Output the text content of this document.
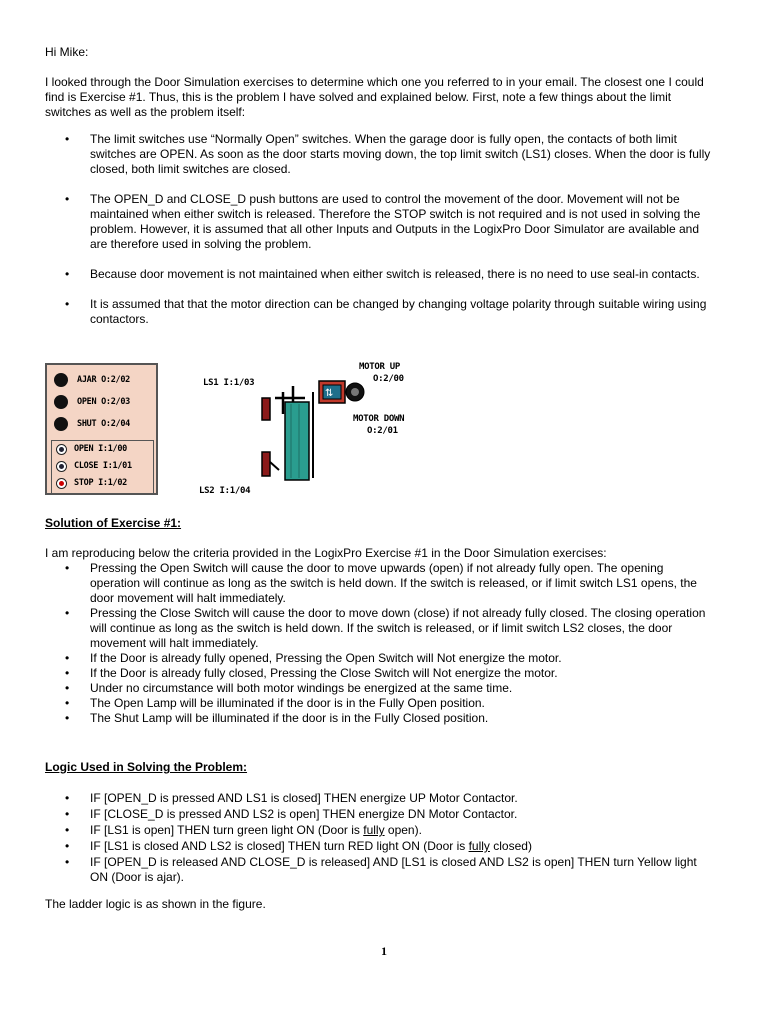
Hi Mike:

I looked through the Door Simulation exercises to determine which one you referred to in your email. The closest one I could find is Exercise #1. Thus, this is the problem I have solved and explained below. First, note a few things about the limit switches as well as the problem itself:

• The limit switches use “Normally Open” switches. When the garage door is fully open, the contacts of both limit switches are OPEN. As soon as the door starts moving down, the top limit switch (LS1) closes. When the door is fully closed, both limit switches are closed.
• The OPEN_D and CLOSE_D push buttons are used to control the movement of the door. Movement will not be maintained when either switch is released. Therefore the STOP switch is not required and is not used in solving the problem. However, it is assumed that all other Inputs and Outputs in the LogixPro Door Simulator are available and are therefore used in solving the problem.
• Because door movement is not maintained when either switch is released, there is no need to use seal-in contacts.
• It is assumed that that the motor direction can be changed by changing voltage polarity through suitable wiring using contactors.

Solution of Exercise #1:

I am reproducing below the criteria provided in the LogixPro Exercise #1 in the Door Simulation exercises:

• Pressing the Open Switch will cause the door to move upwards (open) if not already fully open. The opening operation will continue as long as the switch is held down. If the switch is released, or if limit switch LS1 opens, the door movement will halt immediately.
• Pressing the Close Switch will cause the door to move down (close) if not already fully closed. The closing operation will continue as long as the switch is held down. If the switch is released, or if limit switch LS2 closes, the door movement will halt immediately.
• If the Door is already fully opened, Pressing the Open Switch will Not energize the motor.
• If the Door is already fully closed, Pressing the Close Switch will Not energize the motor.
• Under no circumstance will both motor windings be energized at the same time.
• The Open Lamp will be illuminated if the door is in the Fully Open position.
• The Shut Lamp will be illuminated if the door is in the Fully Closed position.

Logic Used in Solving the Problem:

• IF [OPEN_D is pressed AND LS1 is closed] THEN energize UP Motor Contactor.
• IF [CLOSE_D is pressed AND LS2 is open] THEN energize DN Motor Contactor.
• IF [LS1 is open] THEN turn green light ON (Door is fully open).
• IF [LS1 is closed AND LS2 is closed] THEN turn RED light ON (Door is fully closed)
• IF [OPEN_D is released AND CLOSE_D is released] AND [LS1 is closed AND LS2 is open] THEN turn Yellow light ON (Door is ajar).

The ladder logic is as shown in the figure.

AJAR O:2/02
OPEN O:2/03
SHUT O:2/04
OPEN I:1/00
CLOSE I:1/01
STOP I:1/02
LS1 I:1/03
LS2 I:1/04
MOTOR UP
O:2/00
MOTOR DOWN
O:2/01
⇅
1
